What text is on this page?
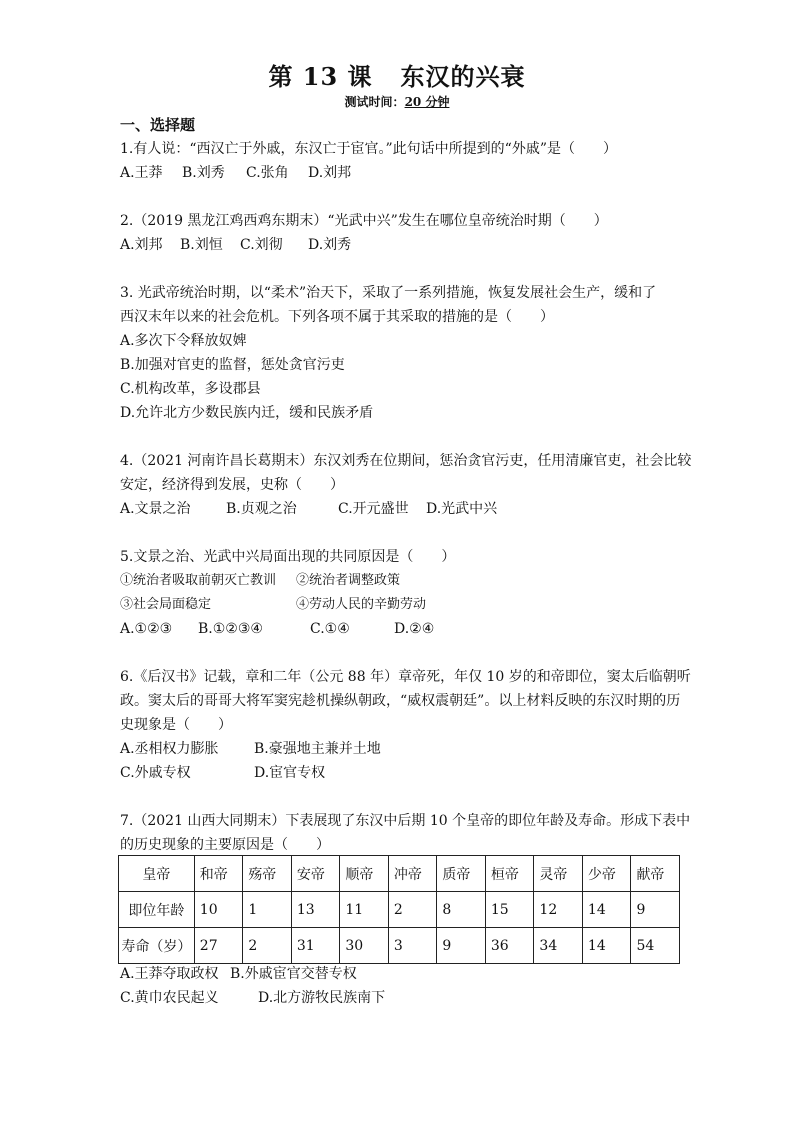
第 13 课 东汉的兴衰
测试时间：20 分钟
一、选择题
1.有人说：“西汉亡于外戚，东汉亡于宦官。”此句话中所提到的“外戚”是（　　）
A.王莽 B.刘秀 C.张角 D.刘邦
2.（2019 黑龙江鸡西鸡东期末）“光武中兴”发生在哪位皇帝统治时期（　　）
A.刘邦 B.刘恒 C.刘彻 D.刘秀
3. 光武帝统治时期，以“柔术”治天下，采取了一系列措施，恢复发展社会生产，缓和了
西汉末年以来的社会危机。下列各项不属于其采取的措施的是（　　）
A.多次下令释放奴婢
B.加强对官吏的监督，惩处贪官污吏
C.机构改革，多设郡县
D.允许北方少数民族内迁，缓和民族矛盾
4.（2021 河南许昌长葛期末）东汉刘秀在位期间，惩治贪官污吏，任用清廉官吏，社会比较
安定，经济得到发展，史称（　　）
A.文景之治	B.贞观之治	C.开元盛世 D.光武中兴
5.文景之治、光武中兴局面出现的共同原因是（　　）
①统治者吸取前朝灭亡教训 ②统治者调整政策
③社会局面稳定	④劳动人民的辛勤劳动
A.①②③ B.①②③④	C.①④	D.②④
6.《后汉书》记载，章和二年（公元 88 年）章帝死，年仅 10 岁的和帝即位，窦太后临朝听
政。窦太后的哥哥大将军窦宪趁机操纵朝政，“威权震朝廷”。以上材料反映的东汉时期的历
史现象是（　　）
A.丞相权力膨胀	B.豪强地主兼并土地
C.外戚专权	D.宦官专权
7.（2021 山西大同期末）下表展现了东汉中后期 10 个皇帝的即位年龄及寿命。形成下表中
的历史现象的主要原因是（　　）
皇帝	和帝	殇帝	安帝	顺帝	冲帝	质帝	桓帝	灵帝	少帝	献帝
即位年龄	10	1	13	11	2	8	15	12	14	9
寿命（岁）	27	2	31	30	3	9	36	34	14	54
A.王莽夺取政权 B.外戚宦官交替专权
C.黄巾农民起义	D.北方游牧民族南下
